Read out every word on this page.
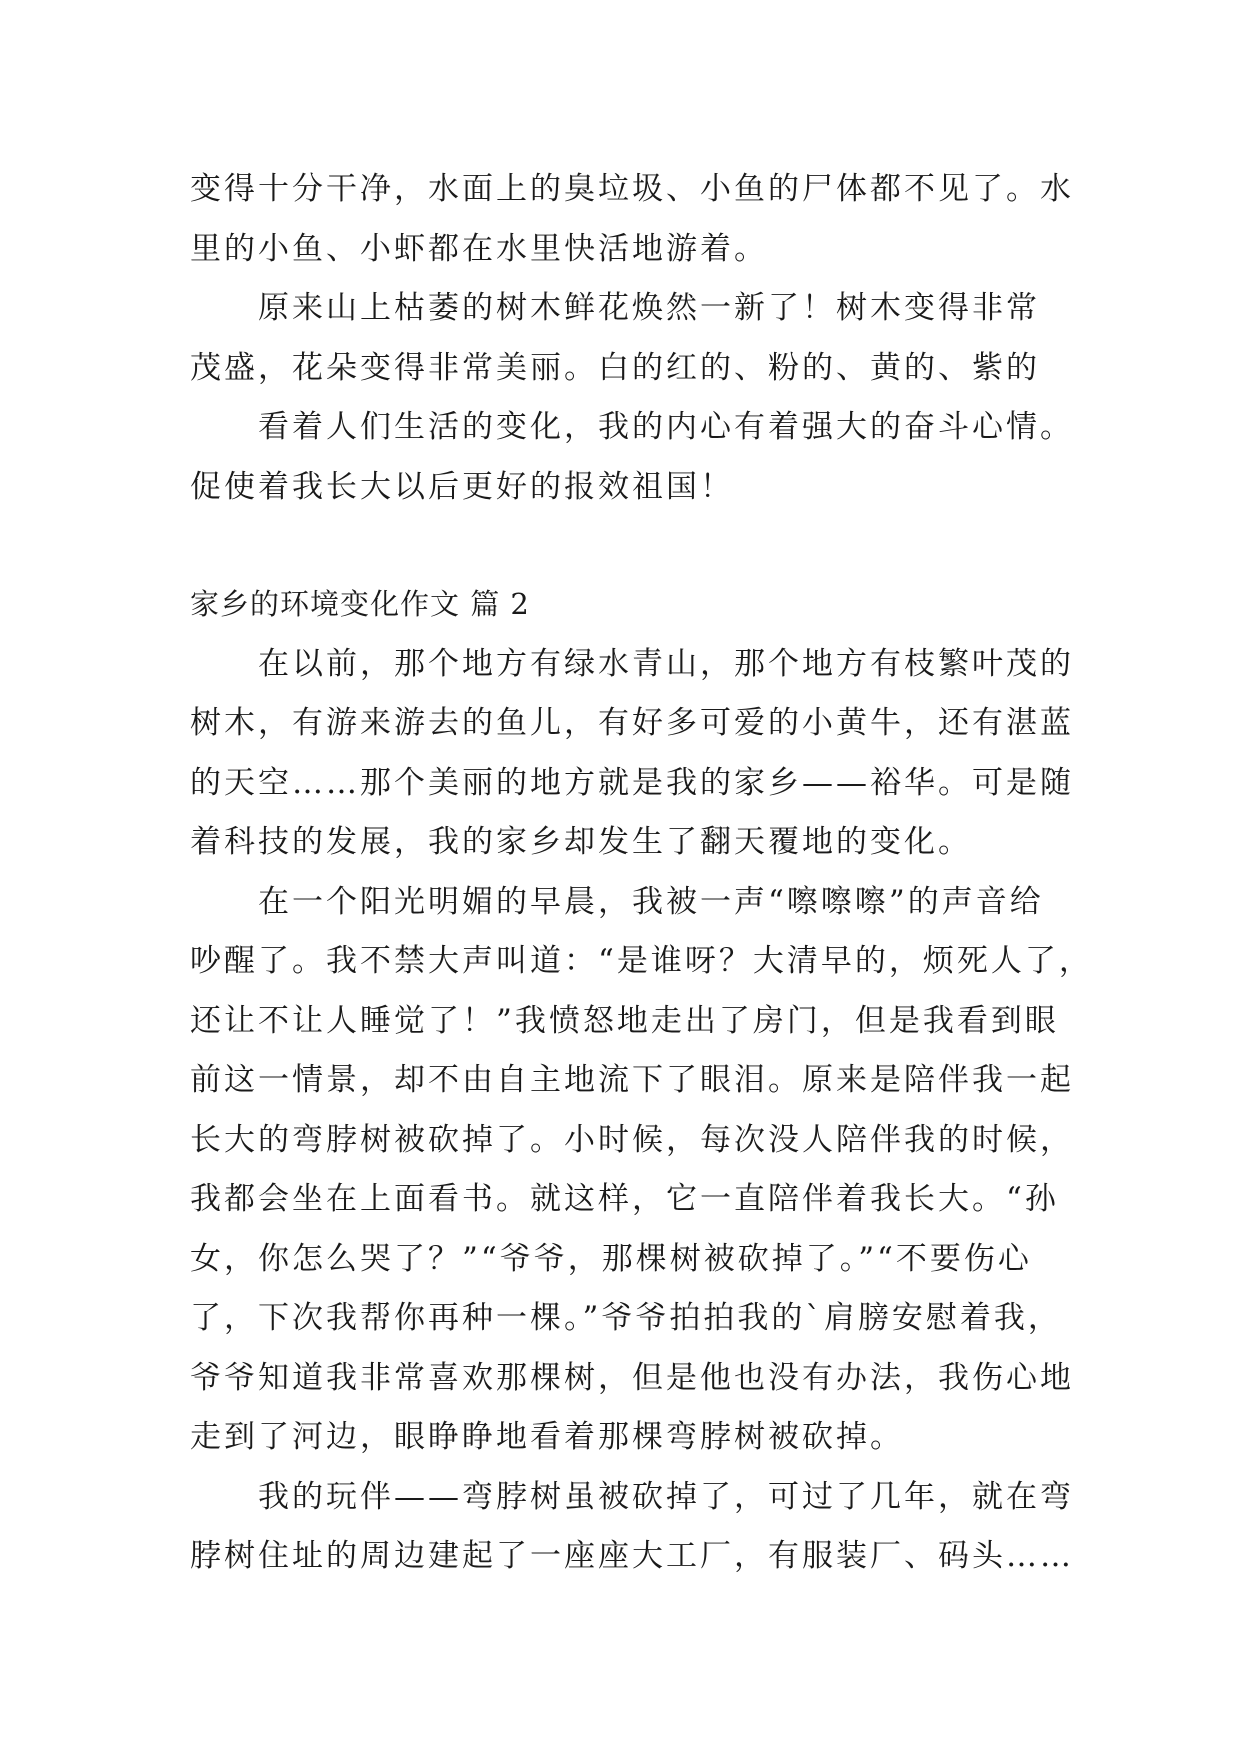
变得十分干净，水面上的臭垃圾、小鱼的尸体都不见了。水
里的小鱼、小虾都在水里快活地游着。
原来山上枯萎的树木鲜花焕然一新了！树木变得非常
茂盛，花朵变得非常美丽。白的红的、粉的、黄的、紫的
看着人们生活的变化，我的内心有着强大的奋斗心情。
促使着我长大以后更好的报效祖国！
家乡的环境变化作文 篇 2
在以前，那个地方有绿水青山，那个地方有枝繁叶茂的
树木，有游来游去的鱼儿，有好多可爱的小黄牛，还有湛蓝
的天空……那个美丽的地方就是我的家乡——裕华。可是随
着科技的发展，我的家乡却发生了翻天覆地的变化。
在一个阳光明媚的早晨，我被一声“嚓嚓嚓”的声音给
吵醒了。我不禁大声叫道：“是谁呀？大清早的，烦死人了，
还让不让人睡觉了！”我愤怒地走出了房门，但是我看到眼
前这一情景，却不由自主地流下了眼泪。原来是陪伴我一起
长大的弯脖树被砍掉了。小时候，每次没人陪伴我的时候，
我都会坐在上面看书。就这样，它一直陪伴着我长大。“孙
女，你怎么哭了？”“爷爷，那棵树被砍掉了。”“不要伤心
了，下次我帮你再种一棵。”爷爷拍拍我的`肩膀安慰着我，
爷爷知道我非常喜欢那棵树，但是他也没有办法，我伤心地
走到了河边，眼睁睁地看着那棵弯脖树被砍掉。
我的玩伴——弯脖树虽被砍掉了，可过了几年，就在弯
脖树住址的周边建起了一座座大工厂，有服装厂、码头……
